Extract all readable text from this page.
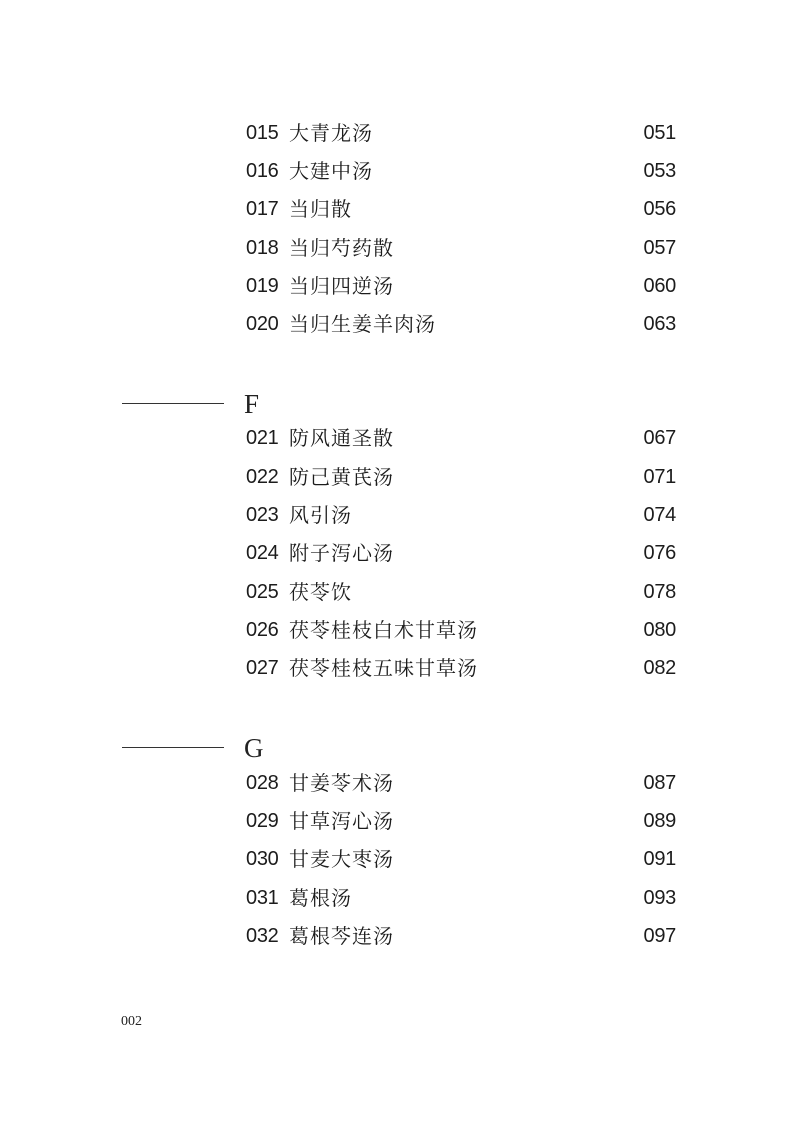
015 大青龙汤	051
016 大建中汤	053
017 当归散	056
018 当归芍药散	057
019 当归四逆汤	060
020 当归生姜羊肉汤	063
F
021 防风通圣散	067
022 防己黄芪汤	071
023 风引汤	074
024 附子泻心汤	076
025 茯苓饮	078
026 茯苓桂枝白术甘草汤	080
027 茯苓桂枝五味甘草汤	082
G
028 甘姜苓术汤	087
029 甘草泻心汤	089
030 甘麦大枣汤	091
031 葛根汤	093
032 葛根芩连汤	097
002
